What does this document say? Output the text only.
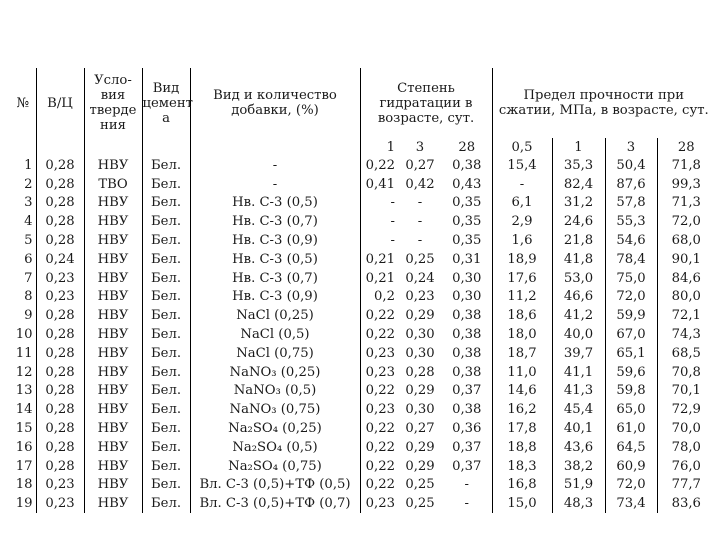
№	В/Ц	Усло-вия тверде ния	Вид цемент а	Вид и количество добавки, (%)	Степень гидратации в возрасте, сут.			Предел прочности при сжатии, МПа, в возрасте, сут.			
					1	3	28	0,5	1	3	28
1	0,28	НВУ	Бел.	-	0,22	0,27	0,38	15,4	35,3	50,4	71,8
2	0,28	ТВО	Бел.	-	0,41	0,42	0,43	-	82,4	87,6	99,3
3	0,28	НВУ	Бел.	Нв. С-3 (0,5)	-	-	0,35	6,1	31,2	57,8	71,3
4	0,28	НВУ	Бел.	Нв. С-3 (0,7)	-	-	0,35	2,9	24,6	55,3	72,0
5	0,28	НВУ	Бел.	Нв. С-3 (0,9)	-	-	0,35	1,6	21,8	54,6	68,0
6	0,24	НВУ	Бел.	Нв. С-3 (0,5)	0,21	0,25	0,31	18,9	41,8	78,4	90,1
7	0,23	НВУ	Бел.	Нв. С-3 (0,7)	0,21	0,24	0,30	17,6	53,0	75,0	84,6
8	0,23	НВУ	Бел.	Нв. С-3 (0,9)	0,2	0,23	0,30	11,2	46,6	72,0	80,0
9	0,28	НВУ	Бел.	NaCl (0,25)	0,22	0,29	0,38	18,6	41,2	59,9	72,1
10	0,28	НВУ	Бел.	NaCl (0,5)	0,22	0,30	0,38	18,0	40,0	67,0	74,3
11	0,28	НВУ	Бел.	NaCl (0,75)	0,23	0,30	0,38	18,7	39,7	65,1	68,5
12	0,28	НВУ	Бел.	NaNO₃ (0,25)	0,23	0,28	0,38	11,0	41,1	59,6	70,8
13	0,28	НВУ	Бел.	NaNO₃ (0,5)	0,22	0,29	0,37	14,6	41,3	59,8	70,1
14	0,28	НВУ	Бел.	NaNO₃ (0,75)	0,23	0,30	0,38	16,2	45,4	65,0	72,9
15	0,28	НВУ	Бел.	Na₂SO₄ (0,25)	0,22	0,27	0,36	17,8	40,1	61,0	70,0
16	0,28	НВУ	Бел.	Na₂SO₄ (0,5)	0,22	0,29	0,37	18,8	43,6	64,5	78,0
17	0,28	НВУ	Бел.	Na₂SO₄ (0,75)	0,22	0,29	0,37	18,3	38,2	60,9	76,0
18	0,23	НВУ	Бел.	Вл. С-3 (0,5)+ТФ (0,5)	0,22	0,25	-	16,8	51,9	72,0	77,7
19	0,23	НВУ	Бел.	Вл. С-3 (0,5)+ТФ (0,7)	0,23	0,25	-	15,0	48,3	73,4	83,6
